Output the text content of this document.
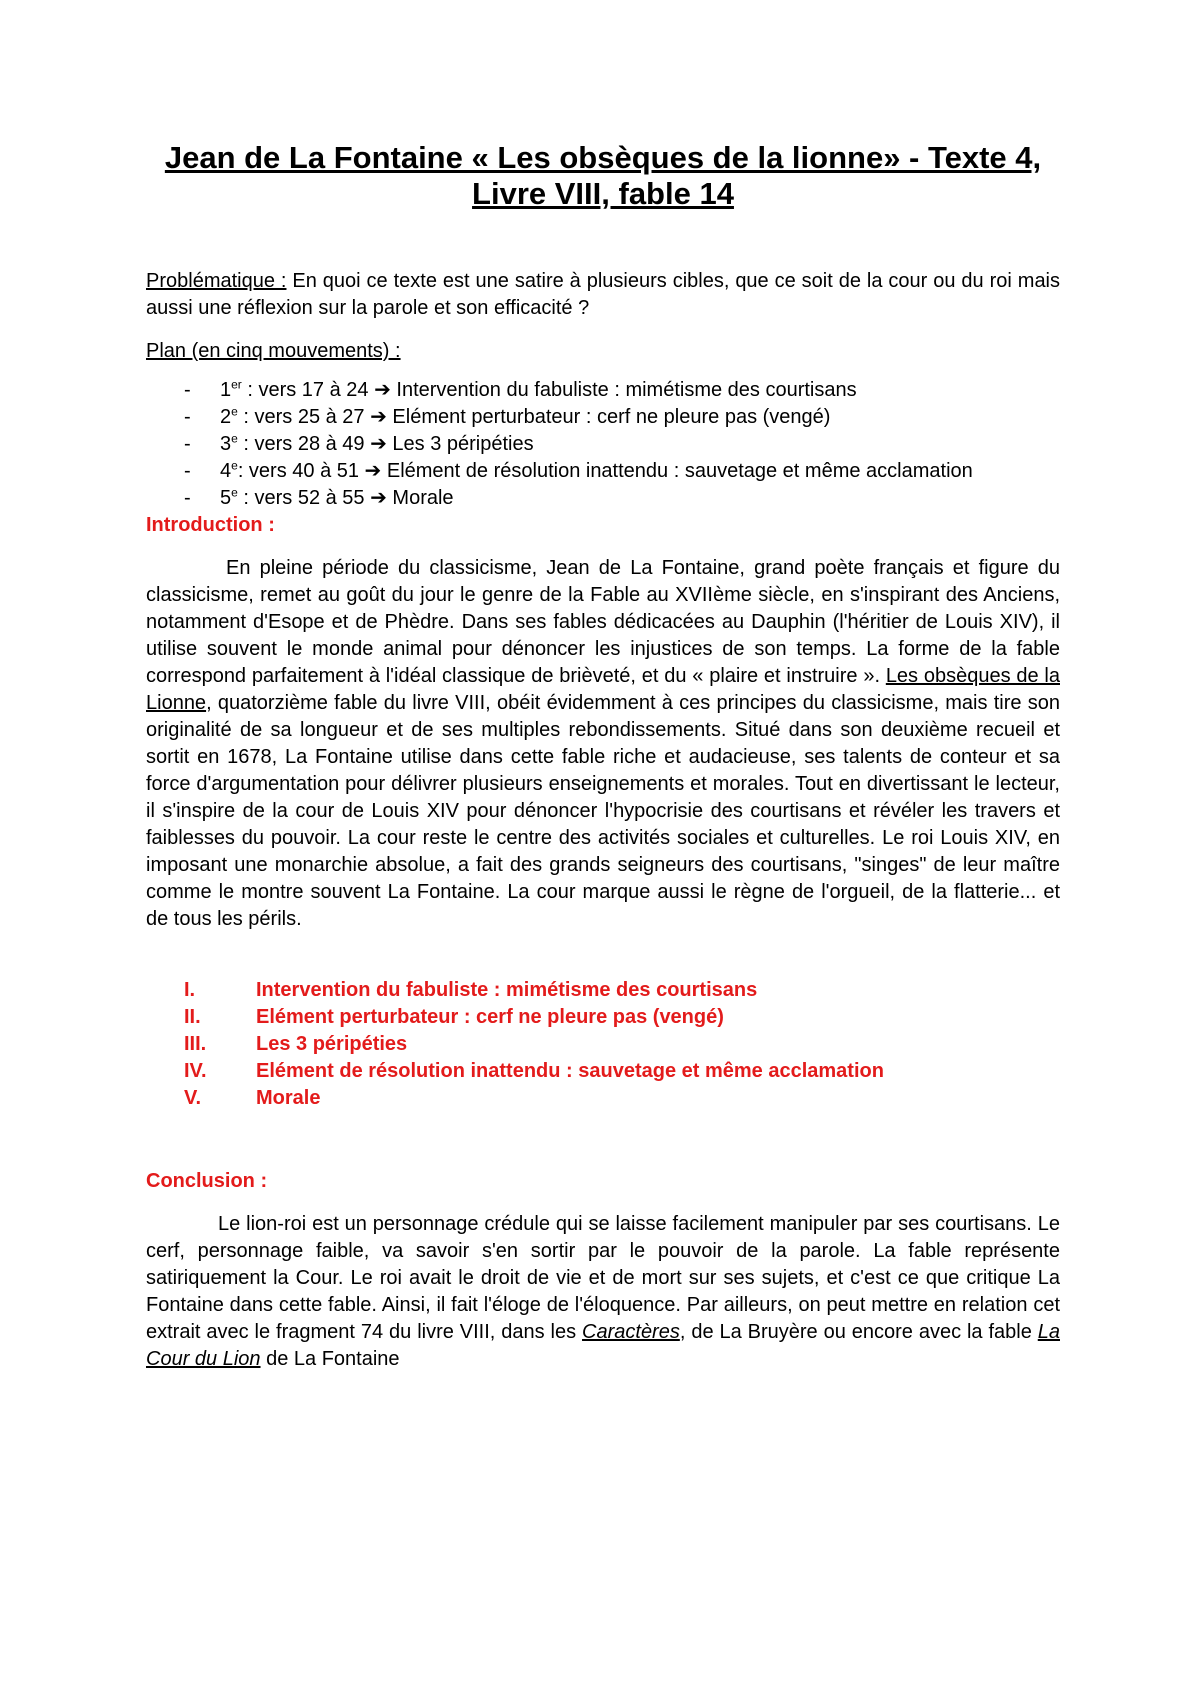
Jean de La Fontaine « Les obsèques de la lionne» - Texte 4, Livre VIII, fable 14

Problématique : En quoi ce texte est une satire à plusieurs cibles, que ce soit de la cour ou du roi mais aussi une réflexion sur la parole et son efficacité ?

Plan (en cinq mouvements) :

- 1er : vers 17 à 24 ➔ Intervention du fabuliste : mimétisme des courtisans
- 2e : vers 25 à 27 ➔ Elément perturbateur : cerf ne pleure pas (vengé)
- 3e : vers 28 à 49 ➔ Les 3 péripéties
- 4e: vers 40 à 51 ➔ Elément de résolution inattendu : sauvetage et même acclamation
- 5e : vers 52 à 55 ➔ Morale

Introduction :

En pleine période du classicisme, Jean de La Fontaine, grand poète français et figure du classicisme, remet au goût du jour le genre de la Fable au XVIIème siècle, en s'inspirant des Anciens, notamment d'Esope et de Phèdre. Dans ses fables dédicacées au Dauphin (l'héritier de Louis XIV), il utilise souvent le monde animal pour dénoncer les injustices de son temps. La forme de la fable correspond parfaitement à l'idéal classique de brièveté, et du « plaire et instruire ». Les obsèques de la Lionne, quatorzième fable du livre VIII, obéit évidemment à ces principes du classicisme, mais tire son originalité de sa longueur et de ses multiples rebondissements. Situé dans son deuxième recueil et sortit en 1678, La Fontaine utilise dans cette fable riche et audacieuse, ses talents de conteur et sa force d'argumentation pour délivrer plusieurs enseignements et morales. Tout en divertissant le lecteur, il s'inspire de la cour de Louis XIV pour dénoncer l'hypocrisie des courtisans et révéler les travers et faiblesses du pouvoir. La cour reste le centre des activités sociales et culturelles. Le roi Louis XIV, en imposant une monarchie absolue, a fait des grands seigneurs des courtisans, "singes" de leur maître comme le montre souvent La Fontaine. La cour marque aussi le règne de l'orgueil, de la flatterie... et de tous les périls.

I.	Intervention du fabuliste : mimétisme des courtisans
II.	Elément perturbateur : cerf ne pleure pas (vengé)
III. Les 3 péripéties
IV. Elément de résolution inattendu : sauvetage et même acclamation
V.	Morale

Conclusion :

Le lion-roi est un personnage crédule qui se laisse facilement manipuler par ses courtisans. Le cerf, personnage faible, va savoir s'en sortir par le pouvoir de la parole. La fable représente satiriquement la Cour. Le roi avait le droit de vie et de mort sur ses sujets, et c'est ce que critique La Fontaine dans cette fable. Ainsi, il fait l'éloge de l'éloquence. Par ailleurs, on peut mettre en relation cet extrait avec le fragment 74 du livre VIII, dans les Caractères, de La Bruyère ou encore avec la fable La Cour du Lion de La Fontaine
